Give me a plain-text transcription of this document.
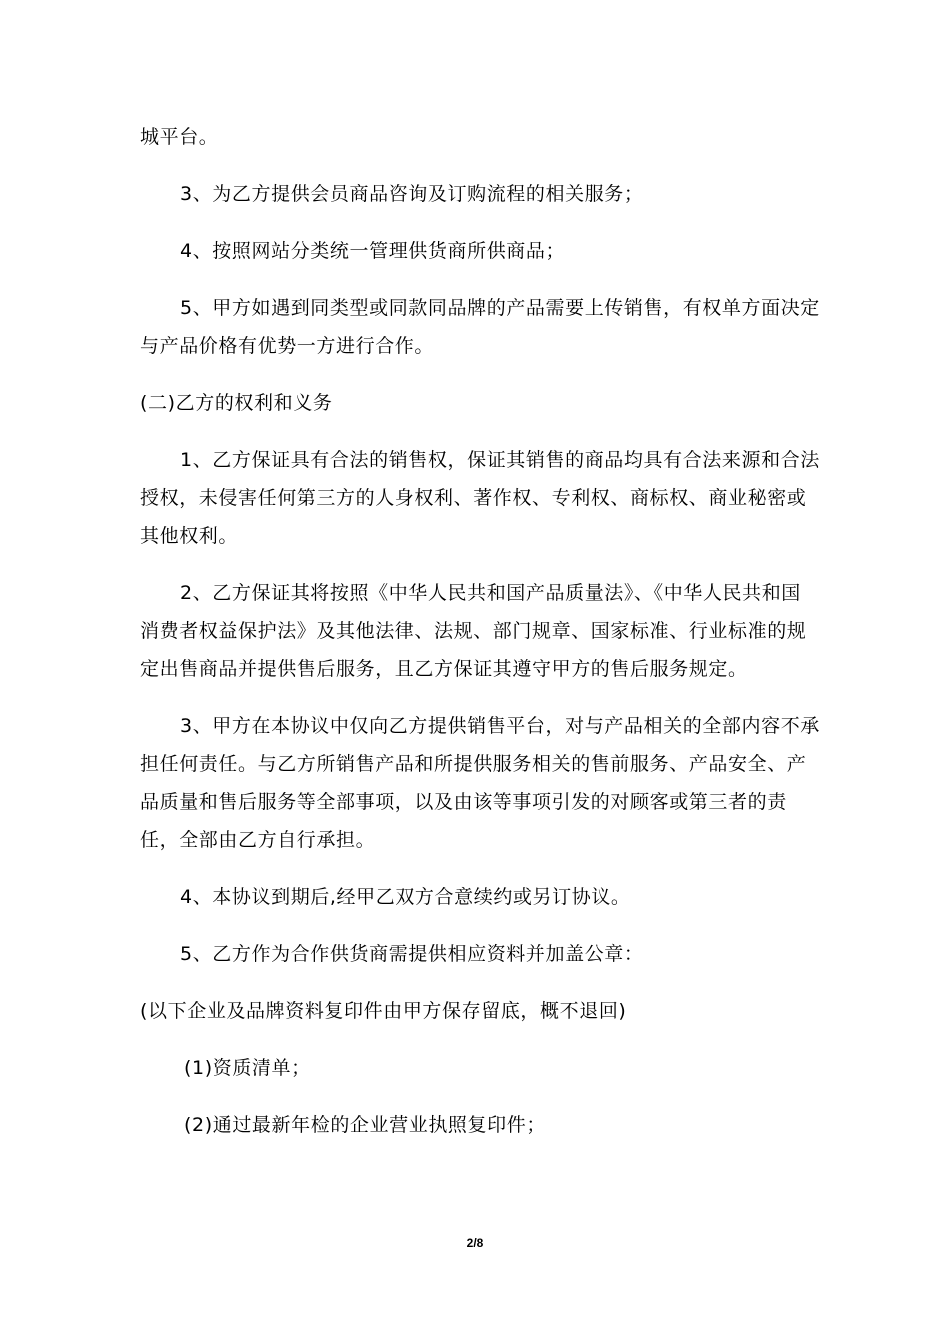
城平台。

3、为乙方提供会员商品咨询及订购流程的相关服务；

4、按照网站分类统一管理供货商所供商品；

5、甲方如遇到同类型或同款同品牌的产品需要上传销售，有权单方面决定与产品价格有优势一方进行合作。

(二)乙方的权利和义务

1、乙方保证具有合法的销售权，保证其销售的商品均具有合法来源和合法授权，未侵害任何第三方的人身权利、著作权、专利权、商标权、商业秘密或其他权利。

2、乙方保证其将按照《中华人民共和国产品质量法》、《中华人民共和国消费者权益保护法》及其他法律、法规、部门规章、国家标准、行业标准的规定出售商品并提供售后服务，且乙方保证其遵守甲方的售后服务规定。

3、甲方在本协议中仅向乙方提供销售平台，对与产品相关的全部内容不承担任何责任。与乙方所销售产品和所提供服务相关的售前服务、产品安全、产品质量和售后服务等全部事项，以及由该等事项引发的对顾客或第三者的责任，全部由乙方自行承担。

4、本协议到期后,经甲乙双方合意续约或另订协议。

5、乙方作为合作供货商需提供相应资料并加盖公章：

(以下企业及品牌资料复印件由甲方保存留底，概不退回)

(1)资质清单；

(2)通过最新年检的企业营业执照复印件；

2/8
